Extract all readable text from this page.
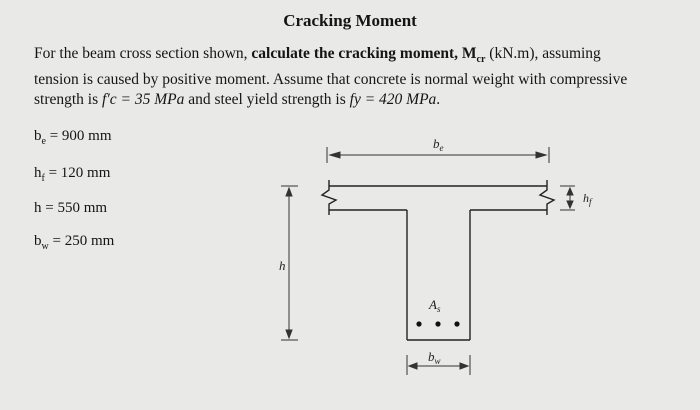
Cracking Moment
For the beam cross section shown, calculate the cracking moment, $M_{cr}$ (kN.m), assuming
tension is caused by positive moment. Assume that concrete is normal weight with compressive
strength is f′c = 35 MPa and steel yield strength is fy = 420 MPa.
$b_e = 900$ mm
$h_f = 120$ mm
h = 550 mm
$b_w = 250$ mm
$b_e$
$h_f$
h
$A_s$
$b_w$
